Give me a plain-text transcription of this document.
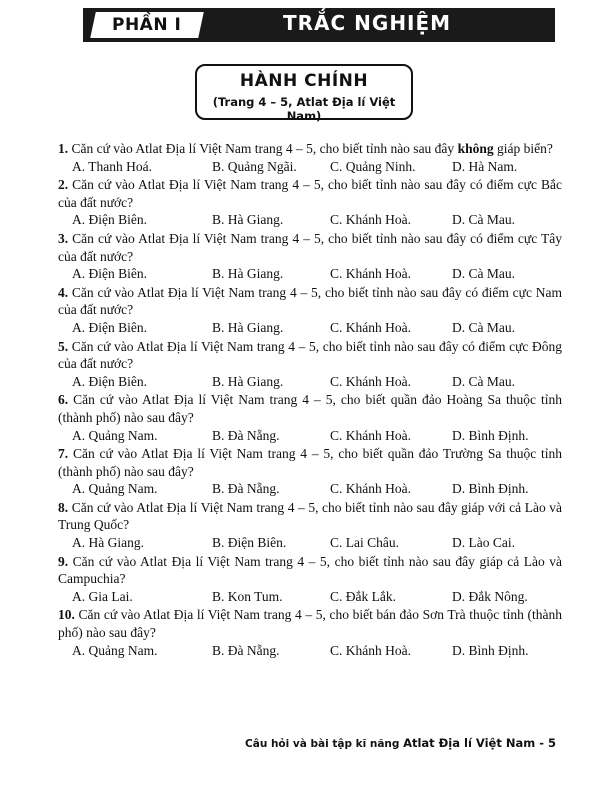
PHẦN I	TRẮC NGHIỆM
HÀNH CHÍNH
(Trang 4 – 5, Atlat Địa lí Việt Nam)
1. Căn cứ vào Atlat Địa lí Việt Nam trang 4 – 5, cho biết tỉnh nào sau đây không giáp biển?
A. Thanh Hoá.	B. Quảng Ngãi.	C. Quảng Ninh.	D. Hà Nam.
2. Căn cứ vào Atlat Địa lí Việt Nam trang 4 – 5, cho biết tỉnh nào sau đây có điểm cực Bắc của đất nước?
A. Điện Biên.	B. Hà Giang.	C. Khánh Hoà.	D. Cà Mau.
3. Căn cứ vào Atlat Địa lí Việt Nam trang 4 – 5, cho biết tỉnh nào sau đây có điểm cực Tây của đất nước?
A. Điện Biên.	B. Hà Giang.	C. Khánh Hoà.	D. Cà Mau.
4. Căn cứ vào Atlat Địa lí Việt Nam trang 4 – 5, cho biết tỉnh nào sau đây có điểm cực Nam của đất nước?
A. Điện Biên.	B. Hà Giang.	C. Khánh Hoà.	D. Cà Mau.
5. Căn cứ vào Atlat Địa lí Việt Nam trang 4 – 5, cho biết tỉnh nào sau đây có điểm cực Đông của đất nước?
A. Điện Biên.	B. Hà Giang.	C. Khánh Hoà.	D. Cà Mau.
6. Căn cứ vào Atlat Địa lí Việt Nam trang 4 – 5, cho biết quần đảo Hoàng Sa thuộc tỉnh (thành phố) nào sau đây?
A. Quảng Nam.	B. Đà Nẵng.	C. Khánh Hoà.	D. Bình Định.
7. Căn cứ vào Atlat Địa lí Việt Nam trang 4 – 5, cho biết quần đảo Trường Sa thuộc tỉnh (thành phố) nào sau đây?
A. Quảng Nam.	B. Đà Nẵng.	C. Khánh Hoà.	D. Bình Định.
8. Căn cứ vào Atlat Địa lí Việt Nam trang 4 – 5, cho biết tỉnh nào sau đây giáp với cả Lào và Trung Quốc?
A. Hà Giang.	B. Điện Biên.	C. Lai Châu.	D. Lào Cai.
9. Căn cứ vào Atlat Địa lí Việt Nam trang 4 – 5, cho biết tỉnh nào sau đây giáp cả Lào và Campuchia?
A. Gia Lai.	B. Kon Tum.	C. Đắk Lắk.	D. Đắk Nông.
10. Căn cứ vào Atlat Địa lí Việt Nam trang 4 – 5, cho biết bán đảo Sơn Trà thuộc tỉnh (thành phố) nào sau đây?
A. Quảng Nam.	B. Đà Nẵng.	C. Khánh Hoà.	D. Bình Định.
Câu hỏi và bài tập kĩ năng Atlat Địa lí Việt Nam - 5
